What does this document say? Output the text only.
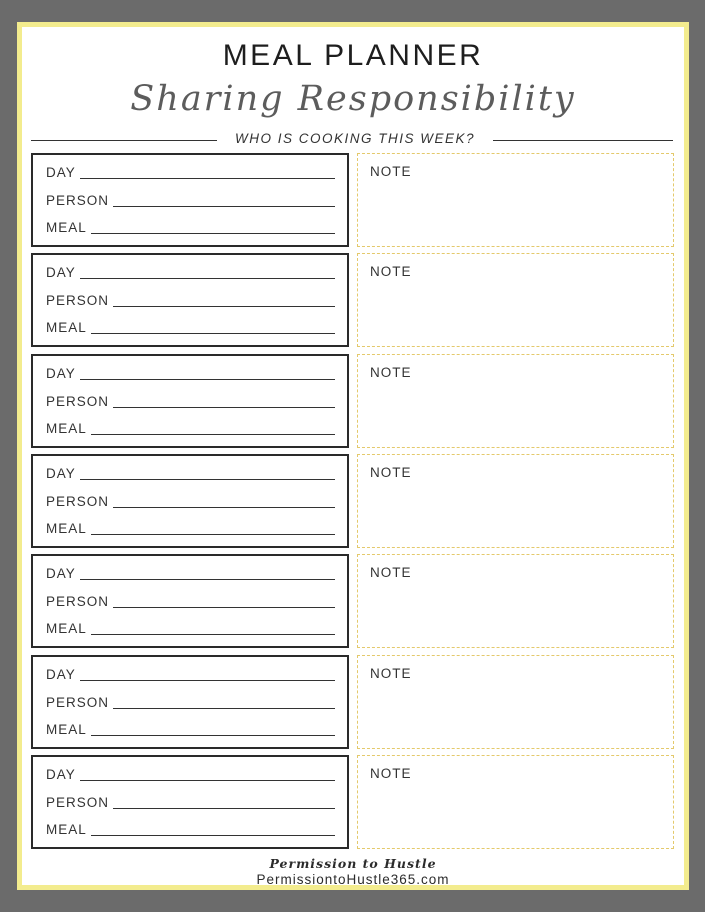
MEAL PLANNER
Sharing Responsibility
WHO IS COOKING THIS WEEK?
DAY
PERSON
MEAL
NOTE
DAY
PERSON
MEAL
NOTE
DAY
PERSON
MEAL
NOTE
DAY
PERSON
MEAL
NOTE
DAY
PERSON
MEAL
NOTE
DAY
PERSON
MEAL
NOTE
DAY
PERSON
MEAL
NOTE
Permission to Hustle
PermissiontoHustle365.com
